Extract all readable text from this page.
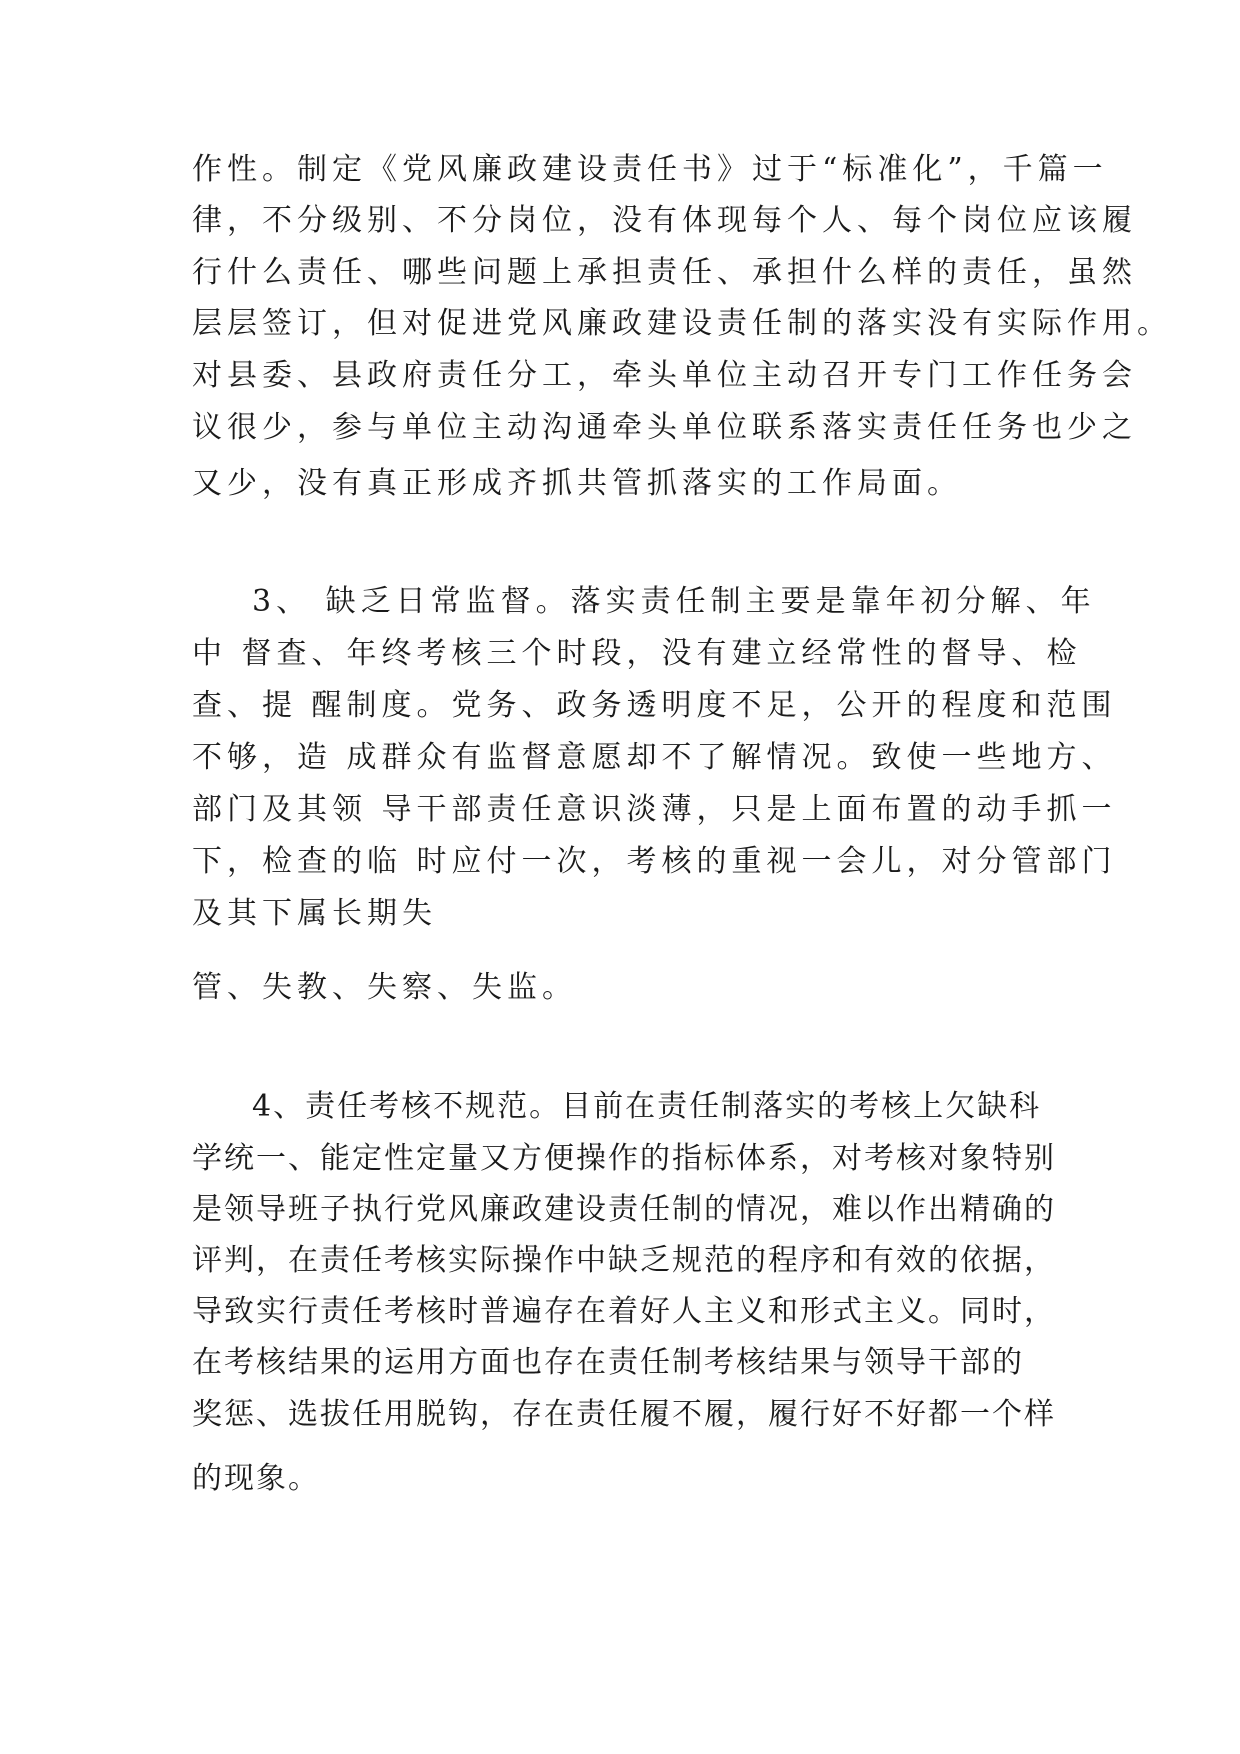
作性。制定《党风廉政建设责任书》过于“标准化”，千篇一
律，不分级别、不分岗位，没有体现每个人、每个岗位应该履
行什么责任、哪些问题上承担责任、承担什么样的责任，虽然
层层签订，但对促进党风廉政建设责任制的落实没有实际作用。
对县委、县政府责任分工，牵头单位主动召开专门工作任务会
议很少，参与单位主动沟通牵头单位联系落实责任任务也少之
又少，没有真正形成齐抓共管抓落实的工作局面。
3、 缺乏日常监督。落实责任制主要是靠年初分解、年
中 督查、年终考核三个时段，没有建立经常性的督导、检
查、提 醒制度。党务、政务透明度不足，公开的程度和范围
不够，造 成群众有监督意愿却不了解情况。致使一些地方、
部门及其领 导干部责任意识淡薄，只是上面布置的动手抓一
下，检查的临 时应付一次，考核的重视一会儿，对分管部门
及其下属长期失
管、失教、失察、失监。
4、责任考核不规范。目前在责任制落实的考核上欠缺科
学统一、能定性定量又方便操作的指标体系，对考核对象特别
是领导班子执行党风廉政建设责任制的情况，难以作出精确的
评判，在责任考核实际操作中缺乏规范的程序和有效的依据，
导致实行责任考核时普遍存在着好人主义和形式主义。同时，
在考核结果的运用方面也存在责任制考核结果与领导干部的
奖惩、选拔任用脱钩，存在责任履不履，履行好不好都一个样
的现象。
